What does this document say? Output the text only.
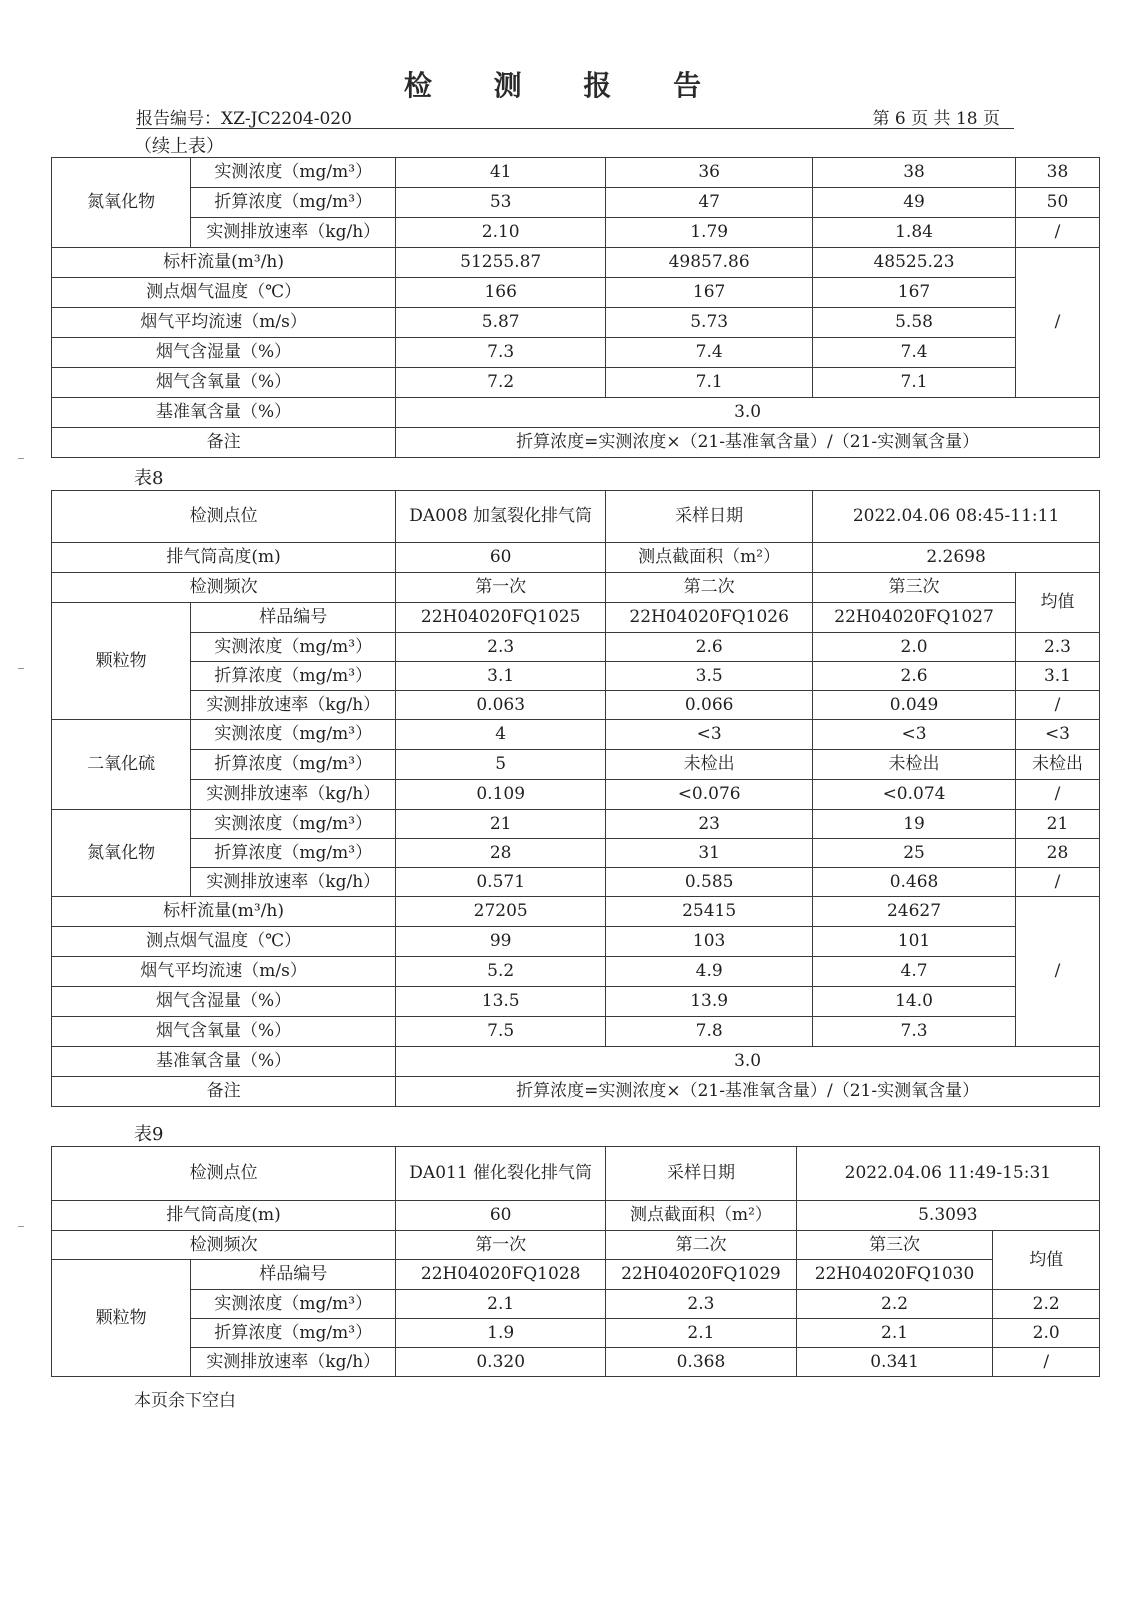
检 测 报 告
报告编号：XZ-JC2204-020	第 6 页 共 18 页
（续上表）
氮氧化物	实测浓度（mg/m³）	41	36	38	38
	折算浓度（mg/m³）	53	47	49	50
	实测排放速率（kg/h）	2.10	1.79	1.84	/
标杆流量(m³/h)		51255.87	49857.86	48525.23	/
测点烟气温度（℃）		166	167	167	
烟气平均流速（m/s）		5.87	5.73	5.58	
烟气含湿量（%）		7.3	7.4	7.4	
烟气含氧量（%）		7.2	7.1	7.1	
基准氧含量（%）		3.0			
备注		折算浓度=实测浓度×（21-基准氧含量）/（21-实测氧含量）			
表8
检测点位		DA008 加氢裂化排气筒	采样日期	2022.04.06 08:45-11:11	
排气筒高度(m)		60	测点截面积（m²）	2.2698	
检测频次		第一次	第二次	第三次	均值
颗粒物	样品编号	22H04020FQ1025	22H04020FQ1026	22H04020FQ1027	
	实测浓度（mg/m³）	2.3	2.6	2.0	2.3
	折算浓度（mg/m³）	3.1	3.5	2.6	3.1
	实测排放速率（kg/h）	0.063	0.066	0.049	/
二氧化硫	实测浓度（mg/m³）	4	<3	<3	<3
	折算浓度（mg/m³）	5	未检出	未检出	未检出
	实测排放速率（kg/h）	0.109	<0.076	<0.074	/
氮氧化物	实测浓度（mg/m³）	21	23	19	21
	折算浓度（mg/m³）	28	31	25	28
	实测排放速率（kg/h）	0.571	0.585	0.468	/
标杆流量(m³/h)		27205	25415	24627	/
测点烟气温度（℃）		99	103	101	
烟气平均流速（m/s）		5.2	4.9	4.7	
烟气含湿量（%）		13.5	13.9	14.0	
烟气含氧量（%）		7.5	7.8	7.3	
基准氧含量（%）		3.0			
备注		折算浓度=实测浓度×（21-基准氧含量）/（21-实测氧含量）			
表9
检测点位		DA011 催化裂化排气筒	采样日期	2022.04.06 11:49-15:31	
排气筒高度(m)		60	测点截面积（m²）	5.3093	
检测频次		第一次	第二次	第三次	均值
颗粒物	样品编号	22H04020FQ1028	22H04020FQ1029	22H04020FQ1030	
	实测浓度（mg/m³）	2.1	2.3	2.2	2.2
	折算浓度（mg/m³）	1.9	2.1	2.1	2.0
	实测排放速率（kg/h）	0.320	0.368	0.341	/
本页余下空白
